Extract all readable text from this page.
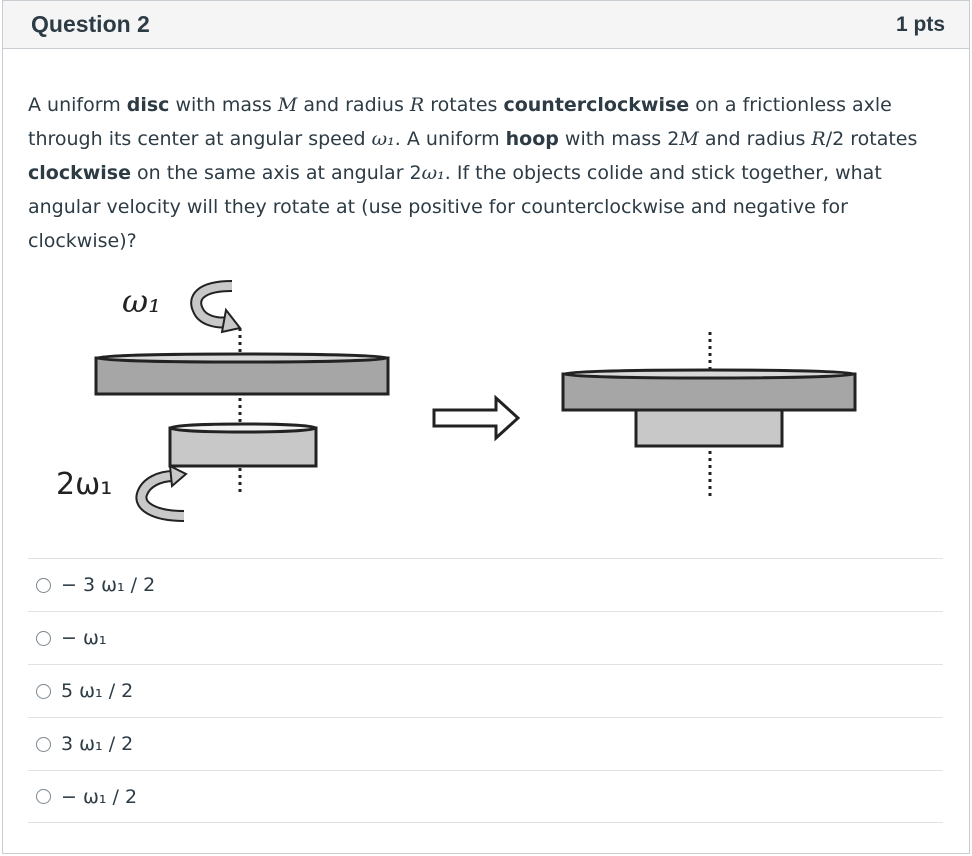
Question 2	1 pts
A uniform disc with mass M and radius R rotates counterclockwise on a frictionless axle through its center at angular speed ω₁. A uniform hoop with mass 2M and radius R/2 rotates clockwise on the same axis at angular 2ω₁. If the objects colide and stick together, what angular velocity will they rotate at (use positive for counterclockwise and negative for clockwise)?
ω₁
2ω₁
− 3 ω₁ / 2
− ω₁
5 ω₁ / 2
3 ω₁ / 2
− ω₁ / 2
